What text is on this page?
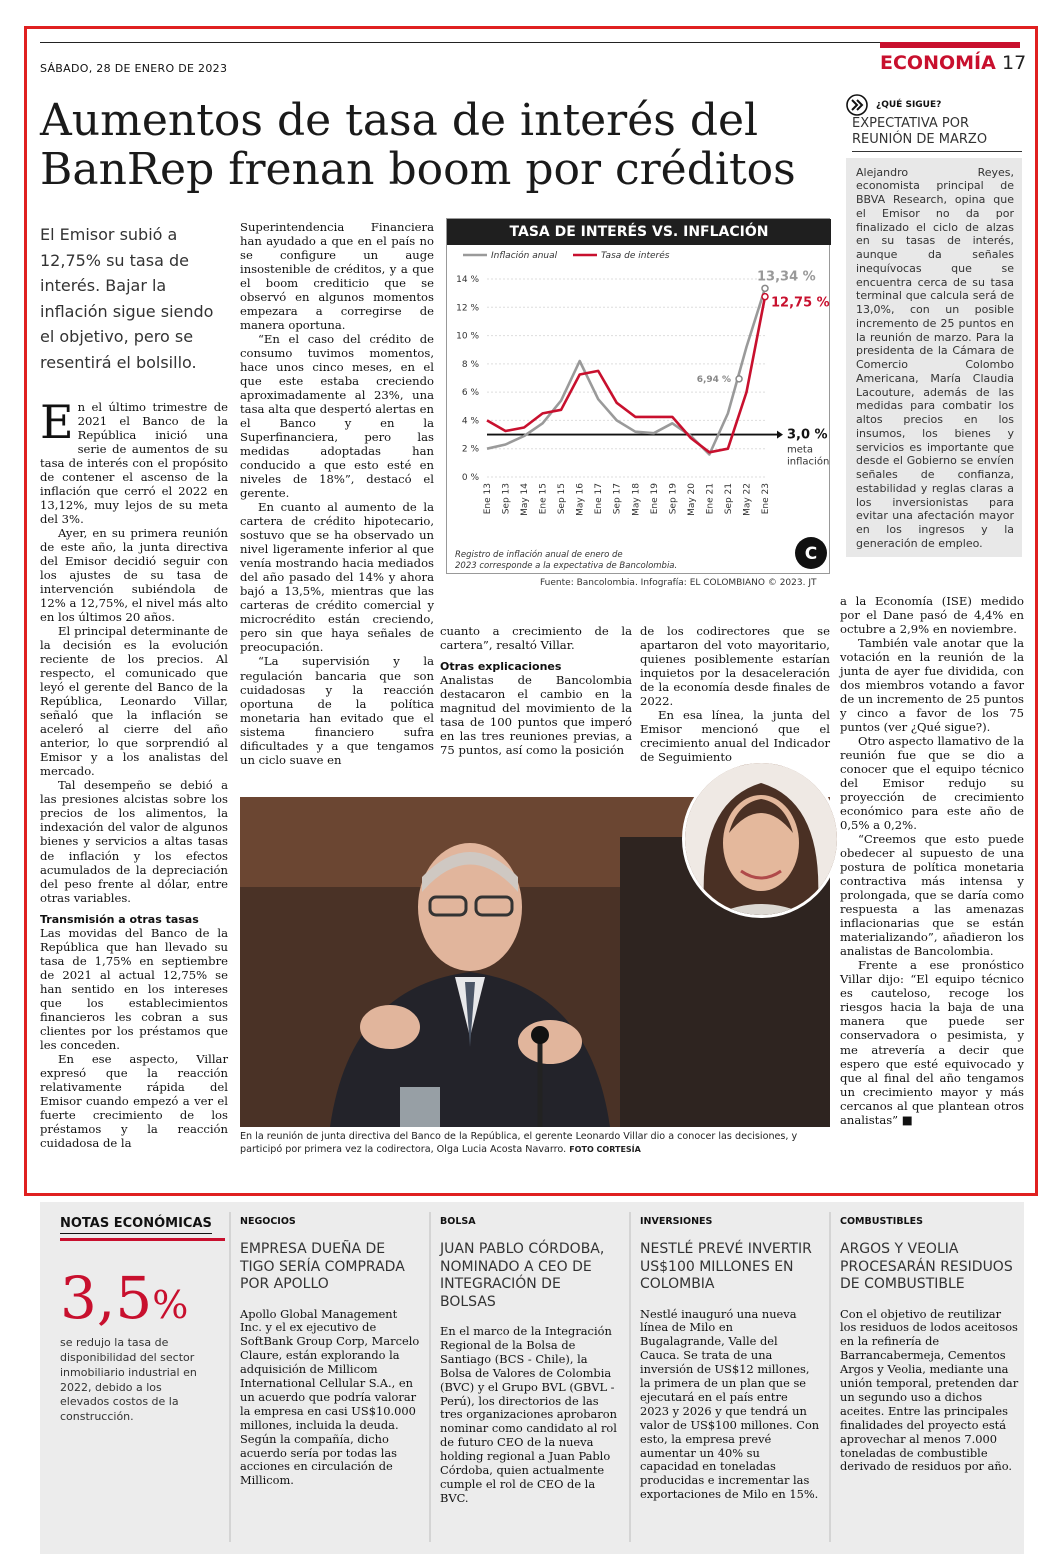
SÁBADO, 28 DE ENERO DE 2023	ECONOMÍA 17
Aumentos de tasa de interés del BanRep frenan boom por créditos
El Emisor subió a 12,75% su tasa de interés. Bajar la inflación sigue siendo el objetivo, pero se resentirá el bolsillo.

En el último trimestre de 2021 el Banco de la República inició una serie de aumentos de su tasa de interés con el propósito de contener el ascenso de la inflación que cerró el 2022 en 13,12%, muy lejos de su meta del 3%.

Ayer, en su primera reunión de este año, la junta directiva del Emisor decidió seguir con los ajustes de su tasa de intervención subiéndola de 12% a 12,75%, el nivel más alto en los últimos 20 años.

El principal determinante de la decisión es la evolución reciente de los precios. Al respecto, el comunicado que leyó el gerente del Banco de la República, Leonardo Villar, señaló que la inflación se aceleró al cierre del año anterior, lo que sorprendió al Emisor y a los analistas del mercado.

Tal desempeño se debió a las presiones alcistas sobre los precios de los alimentos, la indexación del valor de algunos bienes y servicios a altas tasas de inflación y los efectos acumulados de la depreciación del peso frente al dólar, entre otras variables.

Transmisión a otras tasas

Las movidas del Banco de la República que han llevado su tasa de 1,75% en septiembre de 2021 al actual 12,75% se han sentido en los intereses que los establecimientos financieros les cobran a sus clientes por los préstamos que les conceden.

En ese aspecto, Villar expresó que la reacción relativamente rápida del Emisor cuando empezó a ver el fuerte crecimiento de los préstamos y la reacción cuidadosa de la

Superintendencia Financiera han ayudado a que en el país no se configure un auge insostenible de créditos, y a que el boom crediticio que se observó en algunos momentos empezara a corregirse de manera oportuna.

“En el caso del crédito de consumo tuvimos momentos, hace unos cinco meses, en el que este estaba creciendo aproximadamente al 23%, una tasa alta que despertó alertas en el Banco y en la Superfinanciera, pero las medidas adoptadas han conducido a que esto esté en niveles de 18%”, destacó el gerente.

En cuanto al aumento de la cartera de crédito hipotecario, sostuvo que se ha observado un nivel ligeramente inferior al que venía mostrando hacia mediados del año pasado del 14% y ahora bajó a 13,5%, mientras que las carteras de crédito comercial y microcrédito están creciendo, pero sin que haya señales de preocupación.

“La supervisión y la regulación bancaria que son cuidadosas y la reacción oportuna de la política monetaria han evitado que el sistema financiero sufra dificultades y a que tengamos un ciclo suave en

TASA DE INTERÉS VS. INFLACIÓN
Inflación anual	Tasa de interés
0 %
2 %
4 %
6 %
8 %
10 %
12 %
14 %
Ene 13 Sep 13 May 14 Ene 15 Sep 15 May 16 Ene 17 Sep 17 May 18 Ene 19 Sep 19 May 20 Ene 21 Sep 21 May 22 Ene 23
3,0 %
meta
inflación
13,34 %
12,75 %
6,94 %
Registro de inflación anual de enero de
2023 corresponde a la expectativa de Bancolombia.
C
Fuente: Bancolombia. Infografía: EL COLOMBIANO © 2023. JT

cuanto a crecimiento de la cartera”, resaltó Villar.

Otras explicaciones

Analistas de Bancolombia destacaron el cambio en la magnitud del movimiento de la tasa de 100 puntos que imperó en las tres reuniones previas, a 75 puntos, así como la posición

de los codirectores que se apartaron del voto mayoritario, quienes posiblemente estarían inquietos por la desaceleración de la economía desde finales de 2022.

En esa línea, la junta del Emisor mencionó que el crecimiento anual del Indicador de Seguimiento

¿QUÉ SIGUE?
EXPECTATIVA POR REUNIÓN DE MARZO
Alejandro Reyes, economista principal de BBVA Research, opina que el Emisor no da por finalizado el ciclo de alzas en su tasas de interés, aunque da señales inequívocas que se encuentra cerca de su tasa terminal que calcula será de 13,0%, con un posible incremento de 25 puntos en la reunión de marzo. Para la presidenta de la Cámara de Comercio Colombo Americana, María Claudia Lacouture, además de las medidas para combatir los altos precios en los insumos, los bienes y servicios es importante que desde el Gobierno se envíen señales de confianza, estabilidad y reglas claras a los inversionistas para evitar una afectación mayor en los ingresos y la generación de empleo.

a la Economía (ISE) medido por el Dane pasó de 4,4% en octubre a 2,9% en noviembre.

También vale anotar que la votación en la reunión de la junta de ayer fue dividida, con dos miembros votando a favor de un incremento de 25 puntos y cinco a favor de los 75 puntos (ver ¿Qué sigue?).

Otro aspecto llamativo de la reunión fue que se dio a conocer que el equipo técnico del Emisor redujo su proyección de crecimiento económico para este año de 0,5% a 0,2%.

“Creemos que esto puede obedecer al supuesto de una postura de política monetaria contractiva más intensa y prolongada, que se daría como respuesta a las amenazas inflacionarias que se están materializando”, añadieron los analistas de Bancolombia.

Frente a ese pronóstico Villar dijo: “El equipo técnico es cauteloso, recoge los riesgos hacia la baja de una manera que puede ser conservadora o pesimista, y me atrevería a decir que espero que esté equivocado y que al final del año tengamos un crecimiento mayor y más cercanos al que plantean otros analistas” ■

En la reunión de junta directiva del Banco de la República, el gerente Leonardo Villar dio a conocer las decisiones, y participó por primera vez la codirectora, Olga Lucia Acosta Navarro. FOTO CORTESÍA
NOTAS ECONÓMICAS
3,5%
se redujo la tasa de disponibilidad del sector inmobiliario industrial en 2022, debido a los elevados costos de la construcción.
NEGOCIOS
EMPRESA DUEÑA DE TIGO SERÍA COMPRADA POR APOLLO
Apollo Global Management Inc. y el ex ejecutivo de SoftBank Group Corp, Marcelo Claure, están explorando la adquisición de Millicom International Cellular S.A., en un acuerdo que podría valorar la empresa en casi US$10.000 millones, incluida la deuda. Según la compañía, dicho acuerdo sería por todas las acciones en circulación de Millicom.
BOLSA
JUAN PABLO CÓRDOBA, NOMINADO A CEO DE INTEGRACIÓN DE BOLSAS
En el marco de la Integración Regional de la Bolsa de Santiago (BCS - Chile), la Bolsa de Valores de Colombia (BVC) y el Grupo BVL (GBVL - Perú), los directorios de las tres organizaciones aprobaron nominar como candidato al rol de futuro CEO de la nueva holding regional a Juan Pablo Córdoba, quien actualmente cumple el rol de CEO de la BVC.
INVERSIONES
NESTLÉ PREVÉ INVERTIR US$100 MILLONES EN COLOMBIA
Nestlé inauguró una nueva línea de Milo en Bugalagrande, Valle del Cauca. Se trata de una inversión de US$12 millones, la primera de un plan que se ejecutará en el país entre 2023 y 2026 y que tendrá un valor de US$100 millones. Con esto, la empresa prevé aumentar un 40% su capacidad en toneladas producidas e incrementar las exportaciones de Milo en 15%.
COMBUSTIBLES
ARGOS Y VEOLIA PROCESARÁN RESIDUOS DE COMBUSTIBLE
Con el objetivo de reutilizar los residuos de lodos aceitosos en la refinería de Barrancabermeja, Cementos Argos y Veolia, mediante una unión temporal, pretenden dar un segundo uso a dichos aceites. Entre las principales finalidades del proyecto está aprovechar al menos 7.000 toneladas de combustible derivado de residuos por año.
